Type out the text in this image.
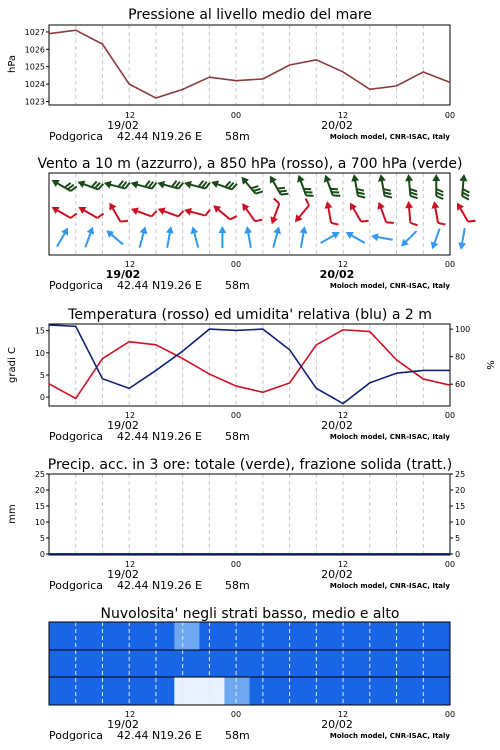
Pressione al livello medio del mare
hPa
1023
1024
1025
1026
1027
12	00	12	00
19/02	20/02
Podgorica 42.44 N 19.26 E 58m	Moloch model, CNR-ISAC, Italy
Vento a 10 m (azzurro), a 850 hPa (rosso), a 700 hPa (verde)
12	00	12	00
19/02	20/02
Podgorica 42.44 N 19.26 E 58m	Moloch model, CNR-ISAC, Italy
Temperatura (rosso) ed umidita' relativa (blu) a 2 m
gradi C	%
0
5
10
15
60
80
100
12	00	12	00
19/02	20/02
Podgorica 42.44 N 19.26 E 58m	Moloch model, CNR-ISAC, Italy
Precip. acc. in 3 ore: totale (verde), frazione solida (tratt.)
mm
0
5
10
15
20
25
0
5
10
15
20
25
12	00	12	00
19/02	20/02
Podgorica 42.44 N 19.26 E 58m	Moloch model, CNR-ISAC, Italy
Nuvolosita' negli strati basso, medio e alto
12	00	12	00
19/02	20/02
Podgorica 42.44 N 19.26 E 58m	Moloch model, CNR-ISAC, Italy
